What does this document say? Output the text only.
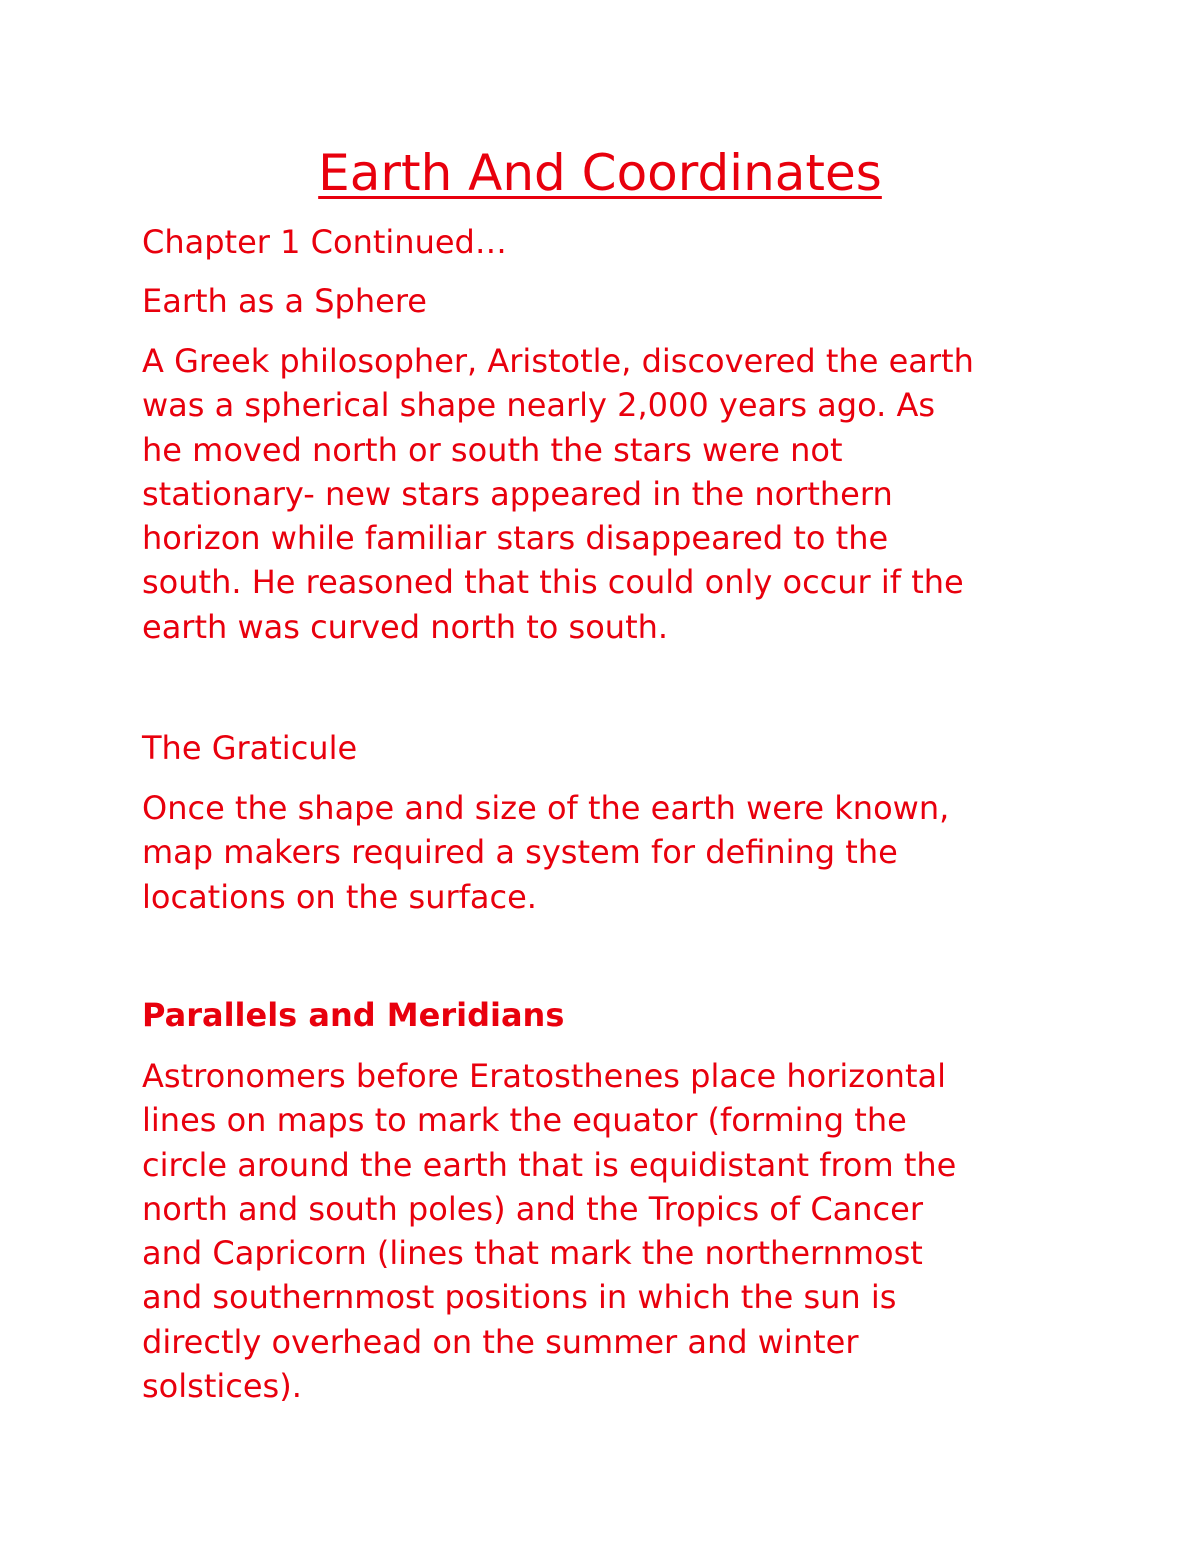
Earth And Coordinates

Chapter 1 Continued…

Earth as a Sphere

A Greek philosopher, Aristotle, discovered the earth
was a spherical shape nearly 2,000 years ago. As
he moved north or south the stars were not
stationary- new stars appeared in the northern
horizon while familiar stars disappeared to the
south. He reasoned that this could only occur if the
earth was curved north to south.

The Graticule

Once the shape and size of the earth were known,
map makers required a system for defining the
locations on the surface.

Parallels and Meridians

Astronomers before Eratosthenes place horizontal
lines on maps to mark the equator (forming the
circle around the earth that is equidistant from the
north and south poles) and the Tropics of Cancer
and Capricorn (lines that mark the northernmost
and southernmost positions in which the sun is
directly overhead on the summer and winter
solstices).
